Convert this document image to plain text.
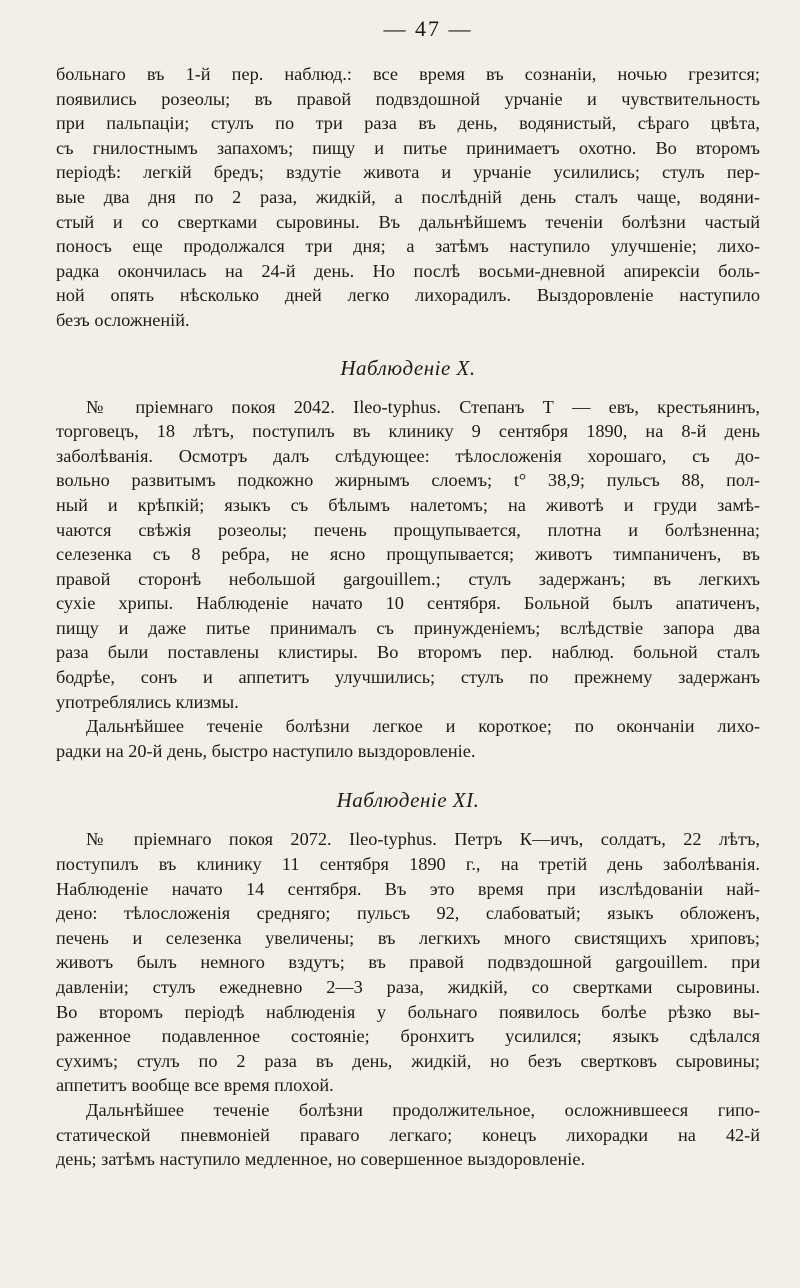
— 47 —

больнаго въ 1-й пер. наблюд.: все время въ сознаніи, ночью грезится;
появились розеолы; въ правой подвздошной урчаніе и чувствительность
при пальпаціи; стулъ по три раза въ день, водянистый, сѣраго цвѣта,
съ гнилостнымъ запахомъ; пищу и питье принимаетъ охотно. Во второмъ
періодѣ: легкій бредъ; вздутіе живота и урчаніе усилились; стулъ пер-
вые два дня по 2 раза, жидкій, а послѣдній день сталъ чаще, водяни-
стый и со свертками сыровины. Въ дальнѣйшемъ теченіи болѣзни частый
поносъ еще продолжался три дня; а затѣмъ наступило улучшеніе; лихо-
радка окончилась на 24-й день. Но послѣ восьми-дневной апирексіи боль-
ной опять нѣсколько дней легко лихорадилъ. Выздоровленіе наступило
безъ осложненій.

Наблюденіе X.

№ пріемнаго покоя 2042. Ileo-typhus. Степанъ Т — евъ, крестьянинъ,
торговецъ, 18 лѣтъ, поступилъ въ клинику 9 сентября 1890, на 8-й день
заболѣванія. Осмотръ далъ слѣдующее: тѣлосложенія хорошаго, съ до-
вольно развитымъ подкожно жирнымъ слоемъ; t° 38,9; пульсъ 88, пол-
ный и крѣпкій; языкъ съ бѣлымъ налетомъ; на животѣ и груди замѣ-
чаются свѣжія розеолы; печень прощупывается, плотна и болѣзненна;
селезенка съ 8 ребра, не ясно прощупывается; животъ тимпаниченъ, въ
правой сторонѣ небольшой gargouillem.; стулъ задержанъ; въ легкихъ
сухіе хрипы. Наблюденіе начато 10 сентября. Больной былъ апатиченъ,
пищу и даже питье принималъ съ принужденіемъ; вслѣдствіе запора два
раза были поставлены клистиры. Во второмъ пер. наблюд. больной сталъ
бодрѣе, сонъ и аппетитъ улучшились; стулъ по прежнему задержанъ
употреблялись клизмы.

Дальнѣйшее теченіе болѣзни легкое и короткое; по окончаніи лихо-
радки на 20-й день, быстро наступило выздоровленіе.

Наблюденіе XI.

№ пріемнаго покоя 2072. Ileo-typhus. Петръ К—ичъ, солдатъ, 22 лѣтъ,
поступилъ въ клинику 11 сентября 1890 г., на третій день заболѣванія.
Наблюденіе начато 14 сентября. Въ это время при изслѣдованіи най-
дено: тѣлосложенія средняго; пульсъ 92, слабоватый; языкъ обложенъ,
печень и селезенка увеличены; въ легкихъ много свистящихъ хриповъ;
животъ былъ немного вздутъ; въ правой подвздошной gargouillem. при
давленіи; стулъ ежедневно 2—3 раза, жидкій, со свертками сыровины.
Во второмъ періодѣ наблюденія у больнаго появилось болѣе рѣзко вы-
раженное подавленное состояніе; бронхитъ усилился; языкъ сдѣлался
сухимъ; стулъ по 2 раза въ день, жидкій, но безъ свертковъ сыровины;
аппетитъ вообще все время плохой.

Дальнѣйшее теченіе болѣзни продолжительное, осложнившееся гипо-
статической пневмоніей праваго легкаго; конецъ лихорадки на 42-й
день; затѣмъ наступило медленное, но совершенное выздоровленіе.
